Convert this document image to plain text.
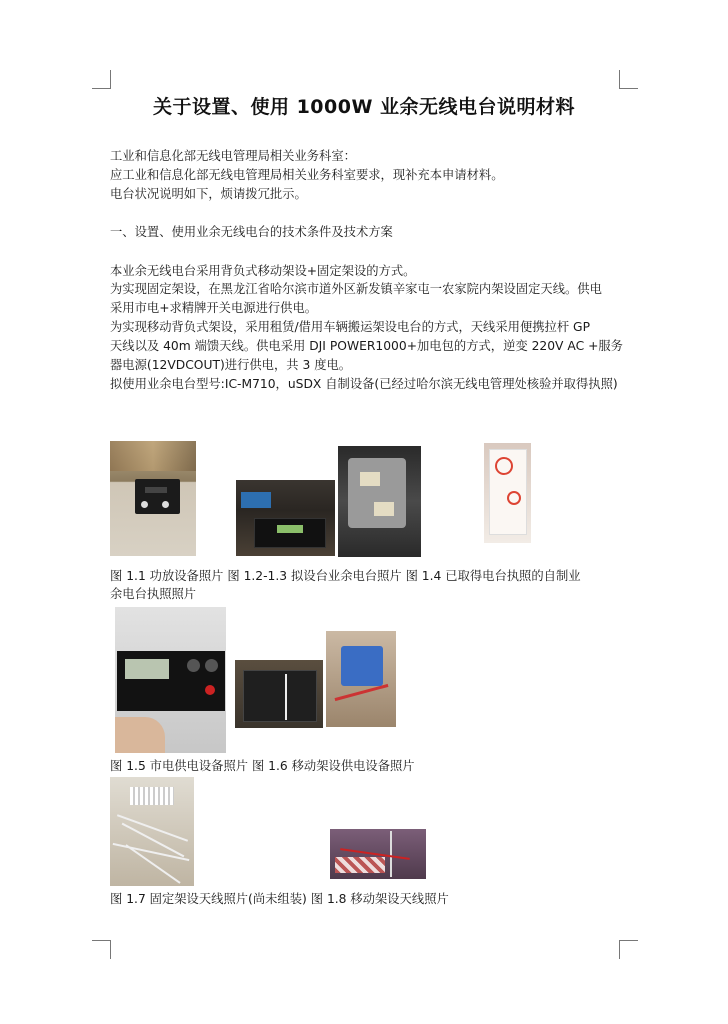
关于设置、使用 1000W 业余无线电台说明材料
工业和信息化部无线电管理局相关业务科室：
应工业和信息化部无线电管理局相关业务科室要求，现补充本申请材料。
电台状况说明如下，烦请拨冗批示。
一、设置、使用业余无线电台的技术条件及技术方案
本业余无线电台采用背负式移动架设+固定架设的方式。
为实现固定架设，在黑龙江省哈尔滨市道外区新发镇辛家屯一农家院内架设固定天线。供电
采用市电+求精牌开关电源进行供电。
为实现移动背负式架设，采用租赁/借用车辆搬运架设电台的方式，天线采用便携拉杆 GP
天线以及 40m 端馈天线。供电采用 DJI POWER1000+加电包的方式，逆变 220V AC +服务
器电源(12VDCOUT)进行供电，共 3 度电。
拟使用业余电台型号:IC-M710，uSDX 自制设备(已经过哈尔滨无线电管理处核验并取得执照)
图 1.1 功放设备照片 图 1.2-1.3 拟设台业余电台照片 图 1.4 已取得电台执照的自制业
余电台执照照片
图 1.5 市电供电设备照片 图 1.6 移动架设供电设备照片
图 1.7 固定架设天线照片(尚未组装) 图 1.8 移动架设天线照片
